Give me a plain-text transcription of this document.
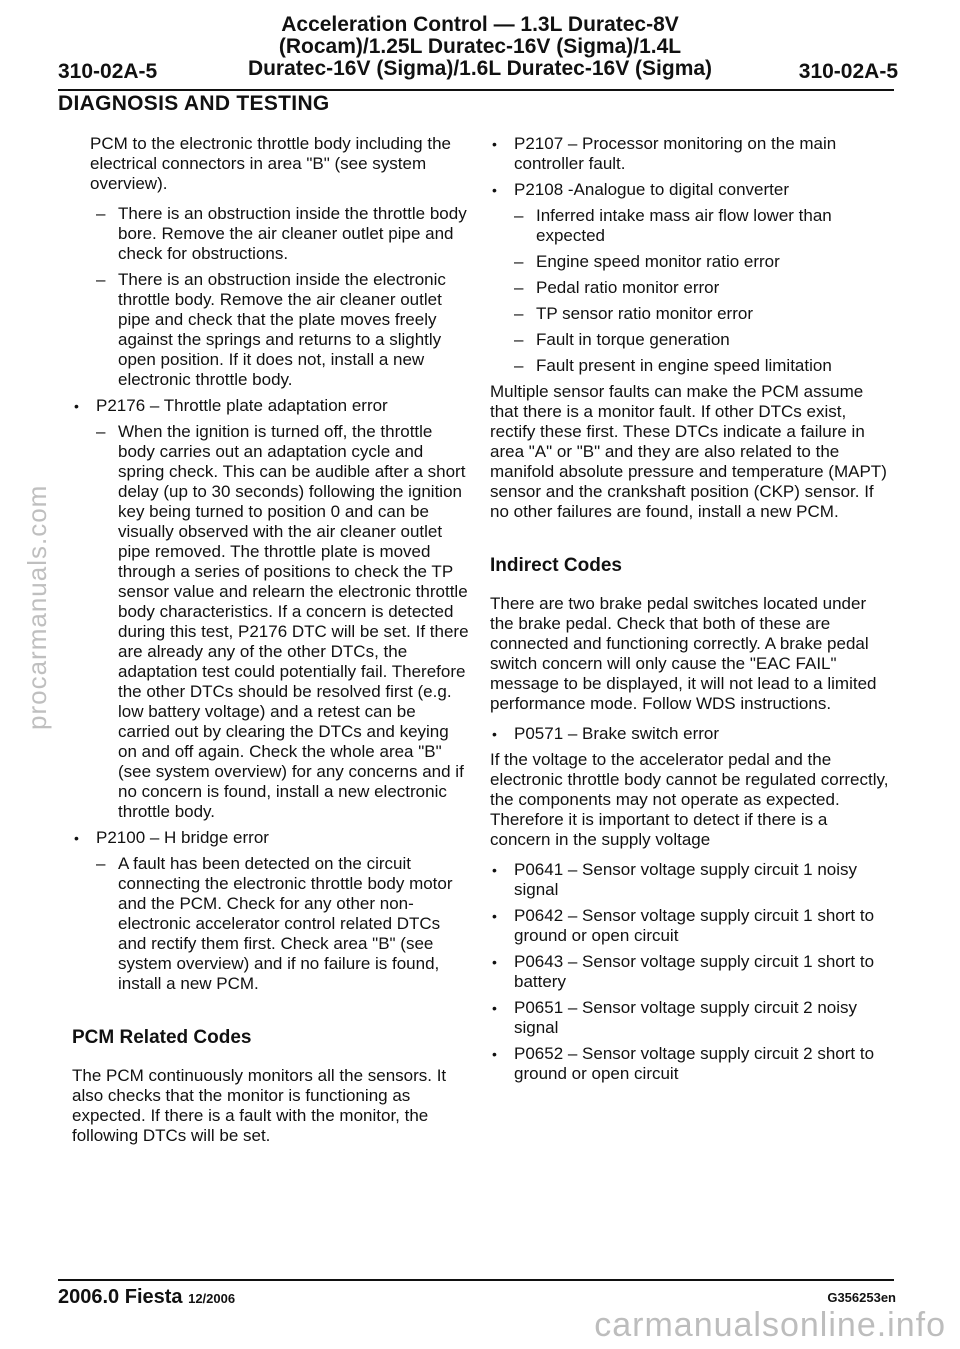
Acceleration Control — 1.3L Duratec-8V
(Rocam)/1.25L Duratec-16V (Sigma)/1.4L
Duratec-16V (Sigma)/1.6L Duratec-16V (Sigma)
310-02A-5	310-02A-5
DIAGNOSIS AND TESTING

PCM to the electronic throttle body including the electrical connectors in area "B" (see system overview).

– There is an obstruction inside the throttle body bore. Remove the air cleaner outlet pipe and check for obstructions.
– There is an obstruction inside the electronic throttle body. Remove the air cleaner outlet pipe and check that the plate moves freely against the springs and returns to a slightly open position. If it does not, install a new electronic throttle body.
• P2176 – Throttle plate adaptation error
– When the ignition is turned off, the throttle body carries out an adaptation cycle and spring check. This can be audible after a short delay (up to 30 seconds) following the ignition key being turned to position 0 and can be visually observed with the air cleaner outlet pipe removed. The throttle plate is moved through a series of positions to check the TP sensor value and relearn the electronic throttle body characteristics. If a concern is detected during this test, P2176 DTC will be set. If there are already any of the other DTCs, the adaptation test could potentially fail. Therefore the other DTCs should be resolved first (e.g. low battery voltage) and a retest can be carried out by clearing the DTCs and keying on and off again. Check the whole area "B" (see system overview) for any concerns and if no concern is found, install a new electronic throttle body.
• P2100 – H bridge error
– A fault has been detected on the circuit connecting the electronic throttle body motor and the PCM. Check for any other non-electronic accelerator control related DTCs and rectify them first. Check area "B" (see system overview) and if no failure is found, install a new PCM.
PCM Related Codes

The PCM continuously monitors all the sensors. It also checks that the monitor is functioning as expected. If there is a fault with the monitor, the following DTCs will be set.

• P2107 – Processor monitoring on the main controller fault.
• P2108 -Analogue to digital converter
– Inferred intake mass air flow lower than expected
– Engine speed monitor ratio error
– Pedal ratio monitor error
– TP sensor ratio monitor error
– Fault in torque generation
– Fault present in engine speed limitation

Multiple sensor faults can make the PCM assume that there is a monitor fault. If other DTCs exist, rectify these first. These DTCs indicate a failure in area "A" or "B" and they are also related to the manifold absolute pressure and temperature (MAPT) sensor and the crankshaft position (CKP) sensor. If no other failures are found, install a new PCM.

Indirect Codes

There are two brake pedal switches located under the brake pedal. Check that both of these are connected and functioning correctly. A brake pedal switch concern will only cause the "EAC FAIL" message to be displayed, it will not lead to a limited performance mode. Follow WDS instructions.

• P0571 – Brake switch error

If the voltage to the accelerator pedal and the electronic throttle body cannot be regulated correctly, the components may not operate as expected. Therefore it is important to detect if there is a concern in the supply voltage

• P0641 – Sensor voltage supply circuit 1 noisy signal
• P0642 – Sensor voltage supply circuit 1 short to ground or open circuit
• P0643 – Sensor voltage supply circuit 1 short to battery
• P0651 – Sensor voltage supply circuit 2 noisy signal
• P0652 – Sensor voltage supply circuit 2 short to ground or open circuit
2006.0 Fiesta 12/2006	G356253en
procarmanuals.com
carmanualsonline.info
